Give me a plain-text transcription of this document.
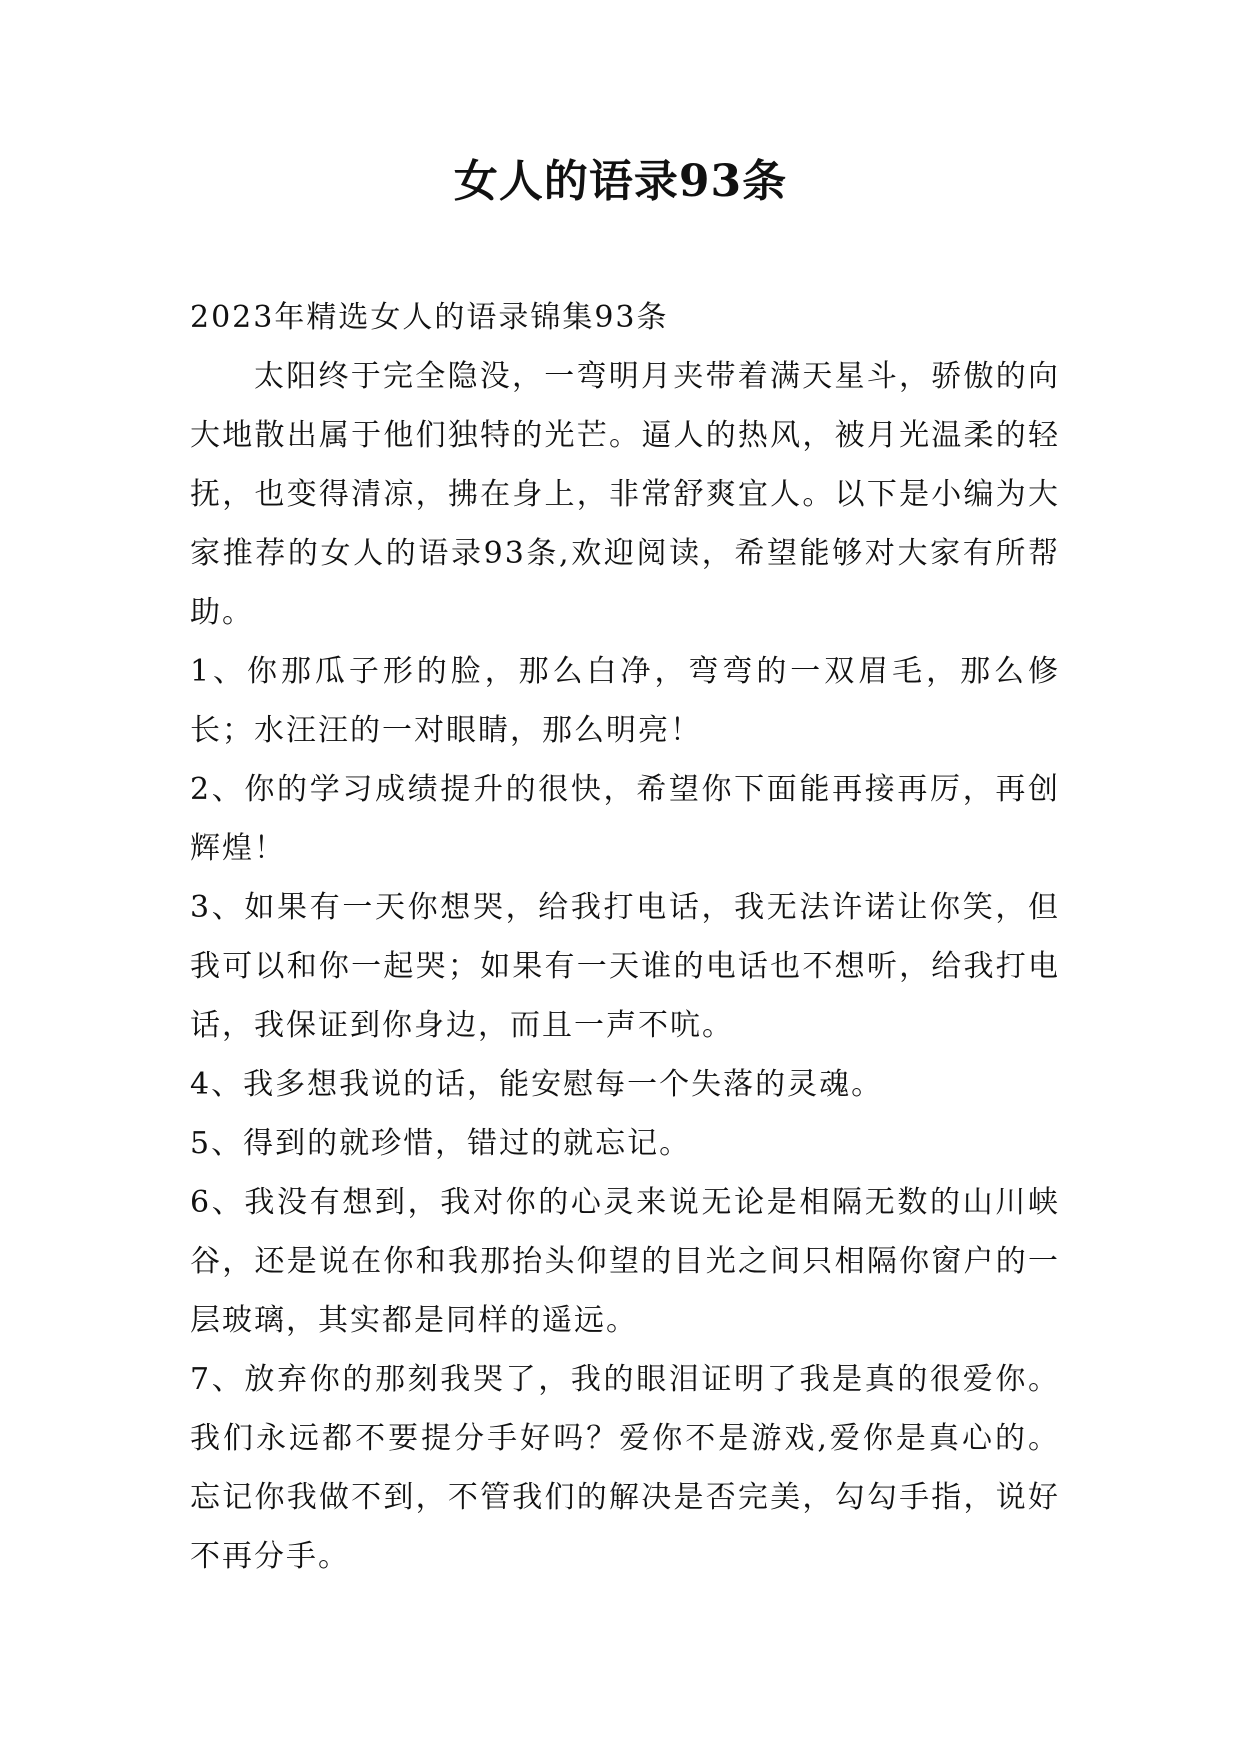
女人的语录93条

2023年精选女人的语录锦集93条

太阳终于完全隐没，一弯明月夹带着满天星斗，骄傲的向大地散出属于他们独特的光芒。逼人的热风，被月光温柔的轻抚，也变得清凉，拂在身上，非常舒爽宜人。以下是小编为大家推荐的女人的语录93条,欢迎阅读，希望能够对大家有所帮助。

1、你那瓜子形的脸，那么白净，弯弯的一双眉毛，那么修长；水汪汪的一对眼睛，那么明亮！

2、你的学习成绩提升的很快，希望你下面能再接再厉，再创辉煌！

3、如果有一天你想哭，给我打电话，我无法许诺让你笑，但我可以和你一起哭；如果有一天谁的电话也不想听，给我打电话，我保证到你身边，而且一声不吭。

4、我多想我说的话，能安慰每一个失落的灵魂。

5、得到的就珍惜，错过的就忘记。

6、我没有想到，我对你的心灵来说无论是相隔无数的山川峡谷，还是说在你和我那抬头仰望的目光之间只相隔你窗户的一层玻璃，其实都是同样的遥远。

7、放弃你的那刻我哭了，我的眼泪证明了我是真的很爱你。我们永远都不要提分手好吗？爱你不是游戏,爱你是真心的。忘记你我做不到，不管我们的解决是否完美，勾勾手指，说好不再分手。
